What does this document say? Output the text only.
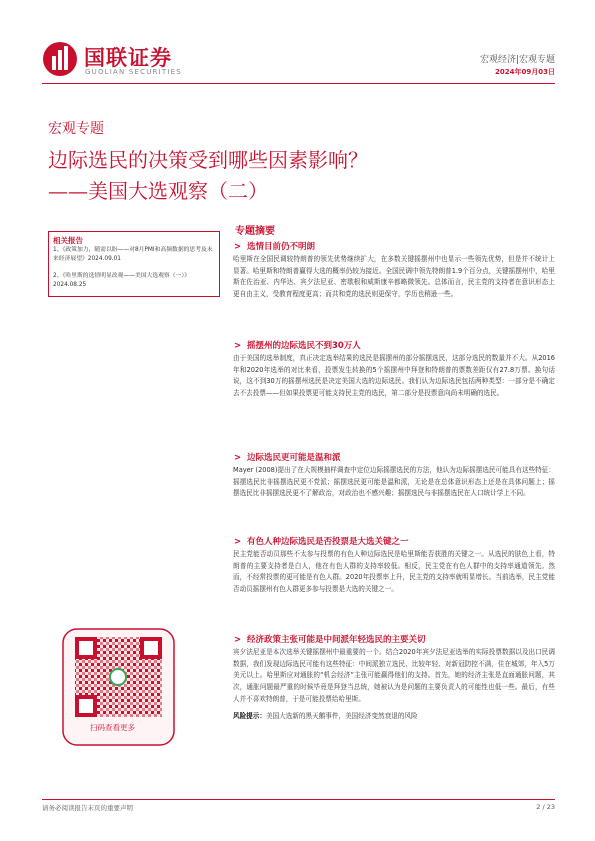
国联证券
GUOLIAN SECURITIES
宏观经济|宏观专题
2024年09月03日
宏观专题
边际选民的决策受到哪些因素影响？
——美国大选观察（二）
相关报告
1、《政策加力，随需以盼——对8月PMI和高频数据的思考及未来经济展望》2024.09.01
2、《哈里斯的选情明显改观——美国大选观察（一）》2024.08.25
扫码查看更多
专题摘要
> 选情目前仍不明朗
哈里斯在全国民调较特朗普的领先优势继续扩大，在多数关键摇摆州中也显示一些领先优势，但是并不统计上显著。哈里斯和特朗普赢得大选的概率仍较为接近。全国民调中领先特朗普1.9个百分点，关键摇摆州中，哈里斯在佐治亚、内华达、宾夕法尼亚、密歇根和威斯康辛都略微领先。总体而言，民主党的支持者在意识形态上更自由主义，受教育程度更高；而共和党的选民则更保守，学历也稍逊一些。
> 摇摆州的边际选民不到30万人
由于美国的选举制度，真正决定选举结果的选民是摇摆州的部分摇摆选民，这部分选民的数量并不大。从2016年和2020年选举的对比来看，投票发生转换的5个摇摆州中拜登和特朗普的票数差距仅有27.8万票。换句话说，这不到30万的摇摆州选民是决定美国大选的边际选民。我们认为边际选民包括两种类型：一部分是不确定去不去投票——但如果投票更可能支持民主党的选民，第二部分是投票意向尚未明确的选民。
> 边际选民更可能是温和派
Mayer (2008)提出了在大规模抽样调查中定位边际摇摆选民的方法，他认为边际摇摆选民可能具有这些特征：摇摆选民比非摇摆选民更不党派；摇摆选民更可能是温和派，无论是在总体意识形态上还是在具体问题上；摇摆选民比非摇摆选民更不了解政治，对政治也不感兴趣；摇摆选民与非摇摆选民在人口统计学上不同。
> 有色人种边际选民是否投票是大选关键之一
民主党能否动员那些不太参与投票的有色人种边际选民是哈里斯能否获胜的关键之一。从选民的肤色上看，特朗普的主要支持者是白人，他在有色人群的支持率较低。相反，民主党在有色人群中的支持率通道领先。然而，不经常投票的更可能是有色人群。2020年投票率上升，民主党的支持率就明显增长。当前选举，民主党能否动员摇摆州有色人群更多参与投票是大选的关键之一。
> 经济政策主张可能是中间派年轻选民的主要关切
宾夕法尼亚是本次选举关键摇摆州中最重要的一个。结合2020年宾夕法尼亚选举的实际投票数据以及出口民调数据，我们发现边际选民可能有这些特征：中间派独立选民、比较年轻、对新冠防控不满，住在城郊，年入5万美元以上。哈里斯应对通胀的“机会经济”主张可能赢得他们的支持。首先，她的经济主张是直面通胀问题，其次，通胀问题最严重的时候毕竟是拜登当总统，她被认为是问题的主要负责人的可能性也低一些。最后，有些人并不喜欢特朗普，于是可能投票给哈里斯。
风险提示：美国大选新的黑天鹅事件，美国经济变然衰退的风险
请务必阅读报告末页的重要声明	2 / 23
